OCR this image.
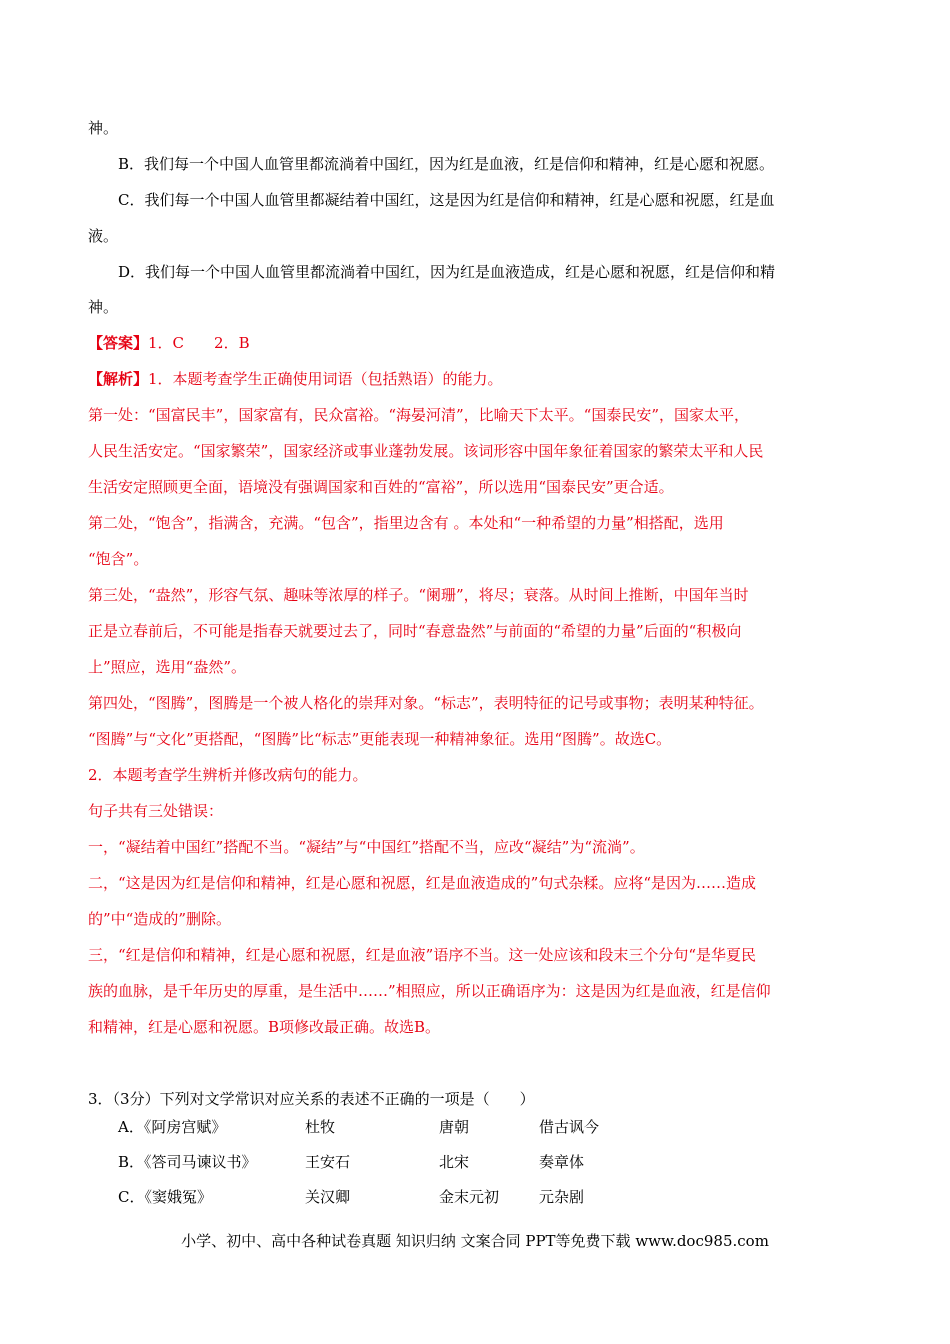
神。
B．我们每一个中国人血管里都流淌着中国红，因为红是血液，红是信仰和精神，红是心愿和祝愿。
C．我们每一个中国人血管里都凝结着中国红，这是因为红是信仰和精神，红是心愿和祝愿，红是血
液。
D．我们每一个中国人血管里都流淌着中国红，因为红是血液造成，红是心愿和祝愿，红是信仰和精
神。
第一处：“国富民丰”，国家富有，民众富裕。“海晏河清”，比喻天下太平。“国泰民安”，国家太平，
人民生活安定。“国家繁荣”，国家经济或事业蓬勃发展。该词形容中国年象征着国家的繁荣太平和人民
生活安定照顾更全面，语境没有强调国家和百姓的“富裕”，所以选用“国泰民安”更合适。
第二处，“饱含”，指满含，充满。“包含”，指里边含有 。本处和“一种希望的力量”相搭配，选用
“饱含”。
第三处，“盎然”，形容气氛、趣味等浓厚的样子。“阑珊”，将尽；衰落。从时间上推断，中国年当时
正是立春前后，不可能是指春天就要过去了，同时“春意盎然”与前面的“希望的力量”后面的“积极向
上”照应，选用“盎然”。
第四处，“图腾”，图腾是一个被人格化的崇拜对象。“标志”，表明特征的记号或事物；表明某种特征。
“图腾”与“文化”更搭配，“图腾”比“标志”更能表现一种精神象征。选用“图腾”。故选C。
2．本题考查学生辨析并修改病句的能力。
句子共有三处错误：
一，“凝结着中国红”搭配不当。“凝结”与“中国红”搭配不当，应改“凝结”为“流淌”。
二，“这是因为红是信仰和精神，红是心愿和祝愿，红是血液造成的”句式杂糅。应将“是因为……造成
的”中“造成的”删除。
三，“红是信仰和精神，红是心愿和祝愿，红是血液”语序不当。这一处应该和段末三个分句“是华夏民
族的血脉，是千年历史的厚重，是生活中……”相照应，所以正确语序为：这是因为红是血液，红是信仰
和精神，红是心愿和祝愿。B项修改最正确。故选B。
3．（3分）下列对文学常识对应关系的表述不正确的一项是（　　）
【答案】1．C　　2．B
【解析】1．本题考查学生正确使用词语（包括熟语）的能力。
A．《阿房宫赋》	杜牧	唐朝	借古讽今
B．《答司马谏议书》	王安石	北宋	奏章体
C．《窦娥冤》	关汉卿	金末元初	元杂剧
小学、初中、高中各种试卷真题 知识归纳 文案合同 PPT等免费下载 www.doc985.com
